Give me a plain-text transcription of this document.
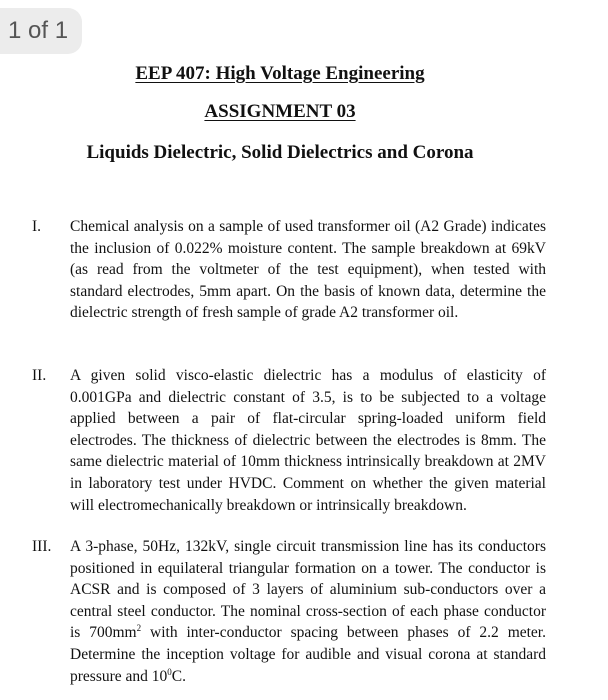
1 of 1
EEP 407: High Voltage Engineering
ASSIGNMENT 03
Liquids Dielectric, Solid Dielectrics and Corona
I. Chemical analysis on a sample of used transformer oil (A2 Grade) indicates the inclusion of 0.022% moisture content. The sample breakdown at 69kV (as read from the voltmeter of the test equipment), when tested with standard electrodes, 5mm apart. On the basis of known data, determine the dielectric strength of fresh sample of grade A2 transformer oil.
II. A given solid visco-elastic dielectric has a modulus of elasticity of 0.001GPa and dielectric constant of 3.5, is to be subjected to a voltage applied between a pair of flat-circular spring-loaded uniform field electrodes. The thickness of dielectric between the electrodes is 8mm. The same dielectric material of 10mm thickness intrinsically breakdown at 2MV in laboratory test under HVDC. Comment on whether the given material will electromechanically breakdown or intrinsically breakdown.
III. A 3-phase, 50Hz, 132kV, single circuit transmission line has its conductors positioned in equilateral triangular formation on a tower. The conductor is ACSR and is composed of 3 layers of aluminium sub-conductors over a central steel conductor. The nominal cross-section of each phase conductor is $700mm^2$ with inter-conductor spacing between phases of 2.2 meter. Determine the inception voltage for audible and visual corona at standard pressure and $10^0C$.
